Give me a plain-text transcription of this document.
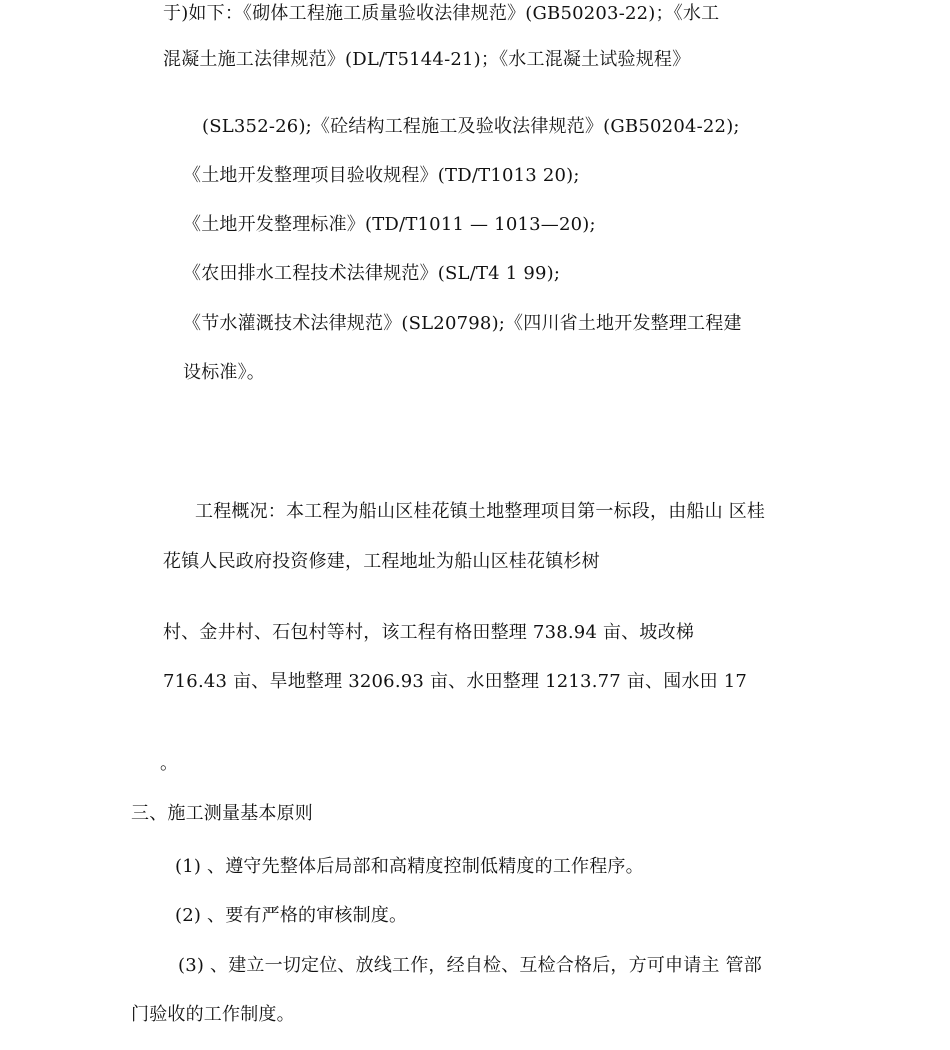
于)如下：《砌体工程施工质量验收法律规范》(GB50203-22)；《水工
混凝土施工法律规范》(DL/T5144-21)；《水工混凝土试验规程》
(SL352-26);《砼结构工程施工及验收法律规范》(GB50204-22);
《土地开发整理项目验收规程》(TD/T1013 20);
《土地开发整理标准》(TD/T1011 — 1013—20);
《农田排水工程技术法律规范》(SL/T4 1 99);
《节水灌溉技术法律规范》(SL20798);《四川省土地开发整理工程建
设标准》。
工程概况：本工程为船山区桂花镇土地整理项目第一标段，由船山 区桂
花镇人民政府投资修建，工程地址为船山区桂花镇杉树
村、金井村、石包村等村，该工程有格田整理 738.94 亩、坡改梯
716.43 亩、旱地整理 3206.93 亩、水田整理 1213.77 亩、囤水田 17
。
三、施工测量基本原则
(1) 、遵守先整体后局部和高精度控制低精度的工作程序。
(2) 、要有严格的审核制度。
(3) 、建立一切定位、放线工作，经自检、互检合格后，方可申请主 管部
门验收的工作制度。
